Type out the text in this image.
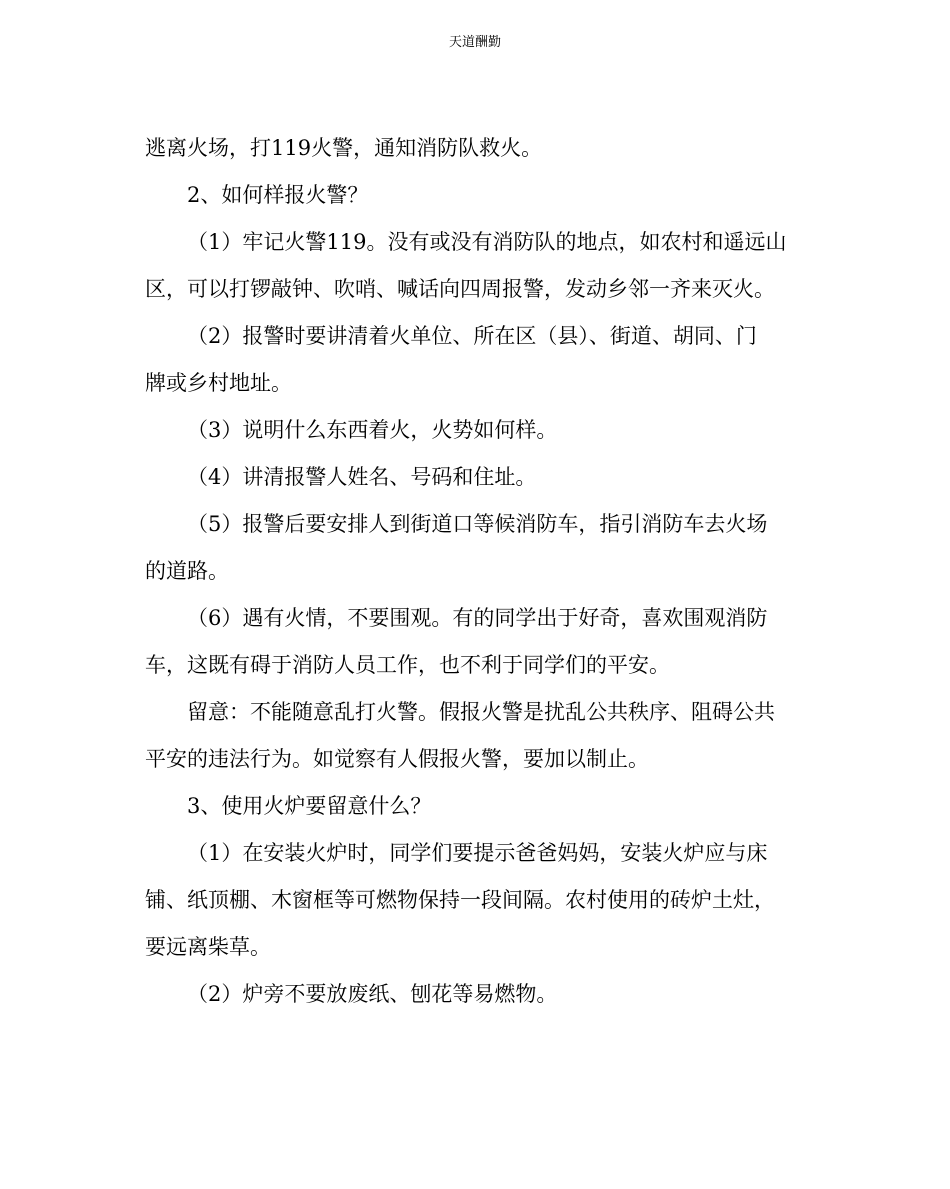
天道酬勤

逃离火场，打119火警，通知消防队救火。

2、如何样报火警？

（1）牢记火警119。没有或没有消防队的地点，如农村和遥远山

区，可以打锣敲钟、吹哨、喊话向四周报警，发动乡邻一齐来灭火。

（2）报警时要讲清着火单位、所在区（县）、街道、胡同、门

牌或乡村地址。

（3）说明什么东西着火，火势如何样。

（4）讲清报警人姓名、号码和住址。

（5）报警后要安排人到街道口等候消防车，指引消防车去火场

的道路。

（6）遇有火情，不要围观。有的同学出于好奇，喜欢围观消防

车，这既有碍于消防人员工作，也不利于同学们的平安。

留意：不能随意乱打火警。假报火警是扰乱公共秩序、阻碍公共

平安的违法行为。如觉察有人假报火警，要加以制止。

3、使用火炉要留意什么？

（1）在安装火炉时，同学们要提示爸爸妈妈，安装火炉应与床

铺、纸顶棚、木窗框等可燃物保持一段间隔。农村使用的砖炉土灶，

要远离柴草。

（2）炉旁不要放废纸、刨花等易燃物。
